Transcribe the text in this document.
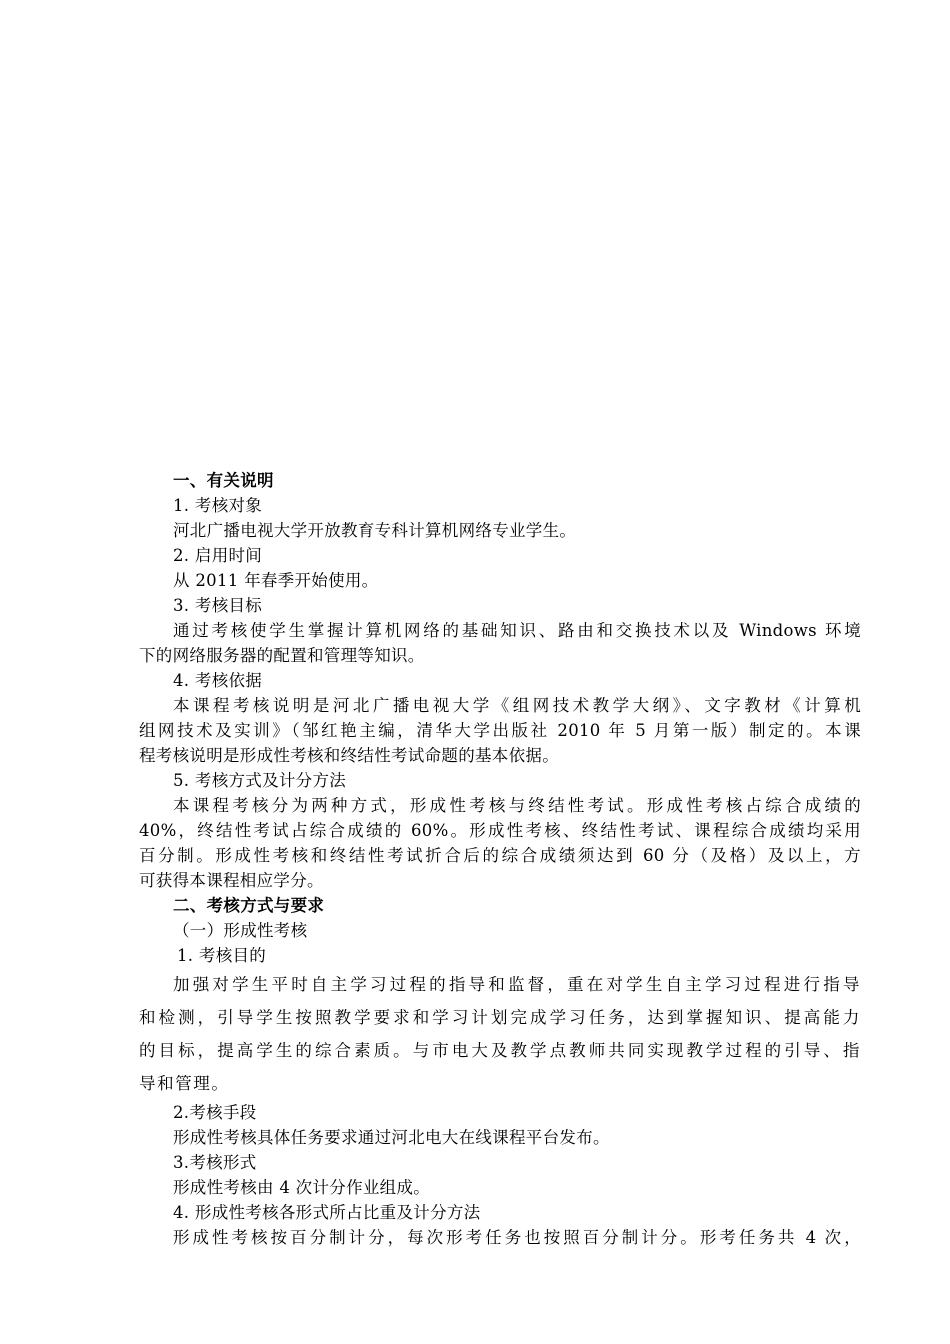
一、有关说明
1. 考核对象
河北广播电视大学开放教育专科计算机网络专业学生。
2. 启用时间
从 2011 年春季开始使用。
3. 考核目标
通过考核使学生掌握计算机网络的基础知识、路由和交换技术以及 Windows 环境
下的网络服务器的配置和管理等知识。
4. 考核依据
本课程考核说明是河北广播电视大学《组网技术教学大纲》、文字教材《计算机
组网技术及实训》（邹红艳主编，清华大学出版社 2010 年 5 月第一版）制定的。本课
程考核说明是形成性考核和终结性考试命题的基本依据。
5. 考核方式及计分方法
本课程考核分为两种方式，形成性考核与终结性考试。形成性考核占综合成绩的
40%，终结性考试占综合成绩的 60%。形成性考核、终结性考试、课程综合成绩均采用
百分制。形成性考核和终结性考试折合后的综合成绩须达到 60 分（及格）及以上，方
可获得本课程相应学分。
二、考核方式与要求
（一）形成性考核
1. 考核目的
加强对学生平时自主学习过程的指导和监督，重在对学生自主学习过程进行指导
和检测，引导学生按照教学要求和学习计划完成学习任务，达到掌握知识、提高能力
的目标，提高学生的综合素质。与市电大及教学点教师共同实现教学过程的引导、指
导和管理。
2.考核手段
形成性考核具体任务要求通过河北电大在线课程平台发布。
3.考核形式
形成性考核由 4 次计分作业组成。
4. 形成性考核各形式所占比重及计分方法
形成性考核按百分制计分，每次形考任务也按照百分制计分。形考任务共 4 次，
